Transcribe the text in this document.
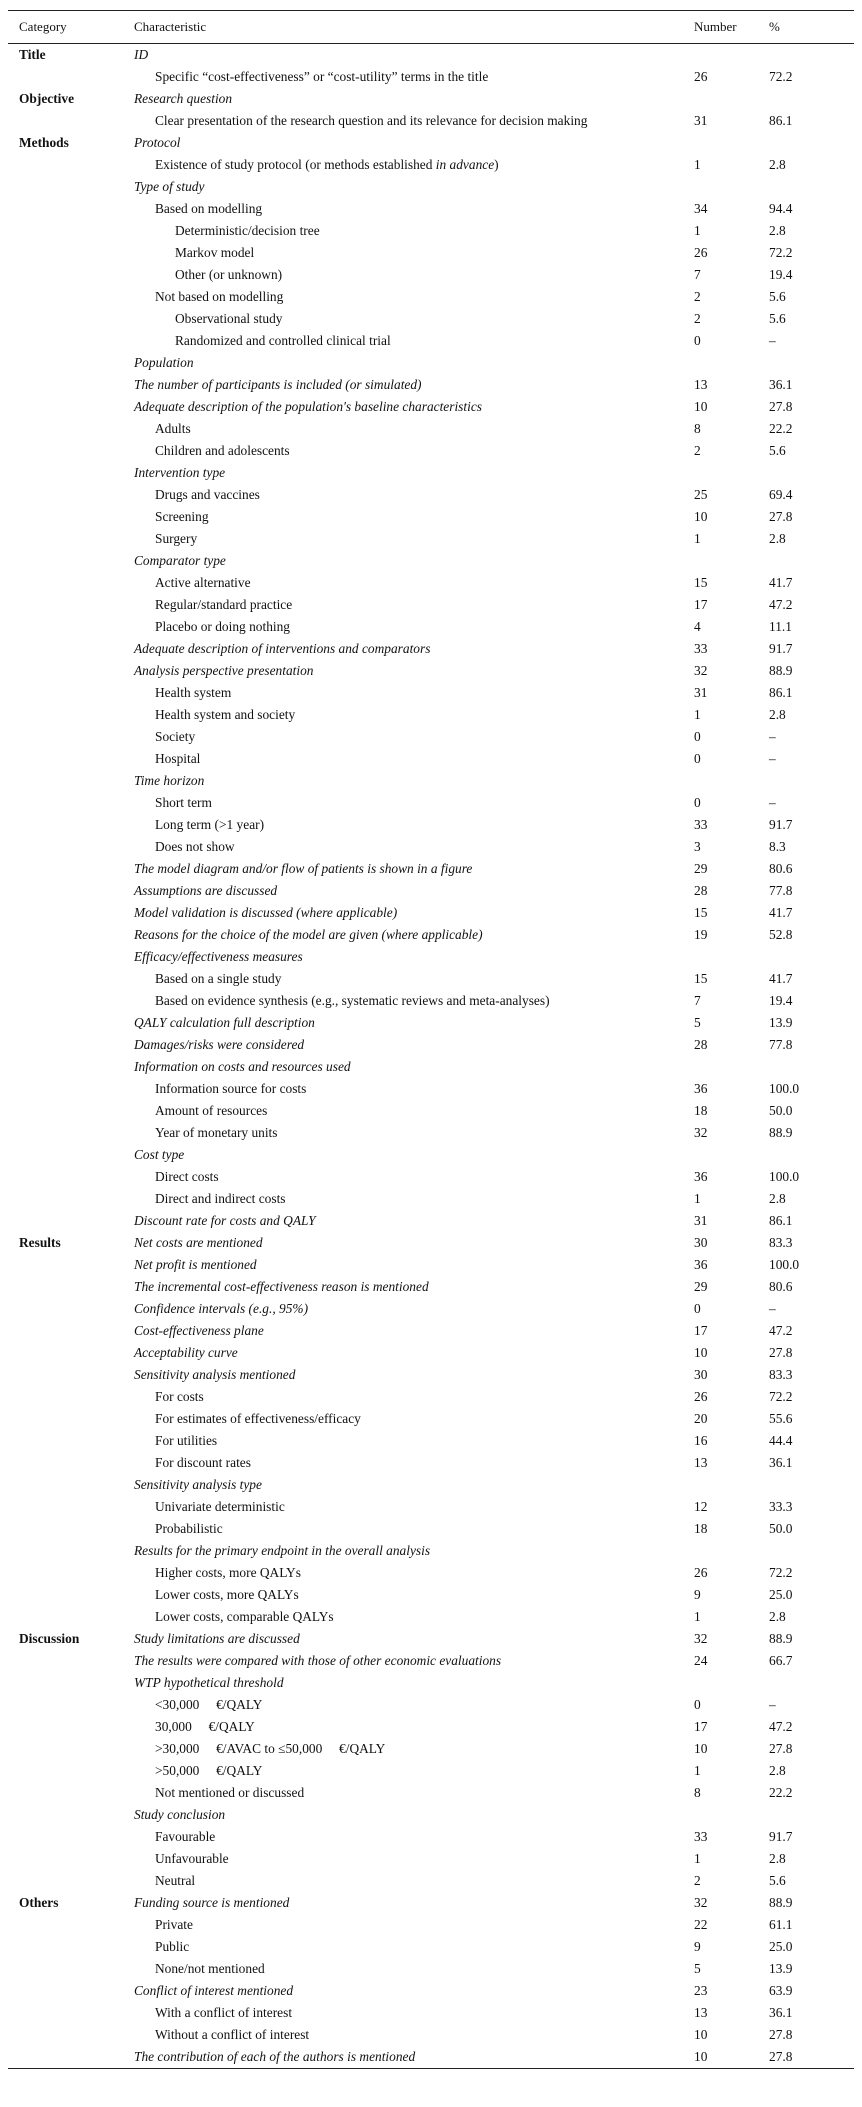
Category	Characteristic	Number	%
Title	ID		
	Specific “cost-effectiveness” or “cost-utility” terms in the title	26	72.2
Objective	Research question		
	Clear presentation of the research question and its relevance for decision making	31	86.1
Methods	Protocol		
	Existence of study protocol (or methods established in advance)	1	2.8
	Type of study		
	Based on modelling	34	94.4
	Deterministic/decision tree	1	2.8
	Markov model	26	72.2
	Other (or unknown)	7	19.4
	Not based on modelling	2	5.6
	Observational study	2	5.6
	Randomized and controlled clinical trial	0	–
	Population		
	The number of participants is included (or simulated)	13	36.1
	Adequate description of the population's baseline characteristics	10	27.8
	Adults	8	22.2
	Children and adolescents	2	5.6
	Intervention type		
	Drugs and vaccines	25	69.4
	Screening	10	27.8
	Surgery	1	2.8
	Comparator type		
	Active alternative	15	41.7
	Regular/standard practice	17	47.2
	Placebo or doing nothing	4	11.1
	Adequate description of interventions and comparators	33	91.7
	Analysis perspective presentation	32	88.9
	Health system	31	86.1
	Health system and society	1	2.8
	Society	0	–
	Hospital	0	–
	Time horizon		
	Short term	0	–
	Long term (>1 year)	33	91.7
	Does not show	3	8.3
	The model diagram and/or flow of patients is shown in a figure	29	80.6
	Assumptions are discussed	28	77.8
	Model validation is discussed (where applicable)	15	41.7
	Reasons for the choice of the model are given (where applicable)	19	52.8
	Efficacy/effectiveness measures		
	Based on a single study	15	41.7
	Based on evidence synthesis (e.g., systematic reviews and meta-analyses)	7	19.4
	QALY calculation full description	5	13.9
	Damages/risks were considered	28	77.8
	Information on costs and resources used		
	Information source for costs	36	100.0
	Amount of resources	18	50.0
	Year of monetary units	32	88.9
	Cost type		
	Direct costs	36	100.0
	Direct and indirect costs	1	2.8
	Discount rate for costs and QALY	31	86.1
Results	Net costs are mentioned	30	83.3
	Net profit is mentioned	36	100.0
	The incremental cost-effectiveness reason is mentioned	29	80.6
	Confidence intervals (e.g., 95%)	0	–
	Cost-effectiveness plane	17	47.2
	Acceptability curve	10	27.8
	Sensitivity analysis mentioned	30	83.3
	For costs	26	72.2
	For estimates of effectiveness/efficacy	20	55.6
	For utilities	16	44.4
	For discount rates	13	36.1
	Sensitivity analysis type		
	Univariate deterministic	12	33.3
	Probabilistic	18	50.0
	Results for the primary endpoint in the overall analysis		
	Higher costs, more QALYs	26	72.2
	Lower costs, more QALYs	9	25.0
	Lower costs, comparable QALYs	1	2.8
Discussion	Study limitations are discussed	32	88.9
	The results were compared with those of other economic evaluations	24	66.7
	WTP hypothetical threshold		
	<30,000     €/QALY	0	–
	30,000     €/QALY	17	47.2
	>30,000     €/AVAC to ≤50,000     €/QALY	10	27.8
	>50,000     €/QALY	1	2.8
	Not mentioned or discussed	8	22.2
	Study conclusion		
	Favourable	33	91.7
	Unfavourable	1	2.8
	Neutral	2	5.6
Others	Funding source is mentioned	32	88.9
	Private	22	61.1
	Public	9	25.0
	None/not mentioned	5	13.9
	Conflict of interest mentioned	23	63.9
	With a conflict of interest	13	36.1
	Without a conflict of interest	10	27.8
	The contribution of each of the authors is mentioned	10	27.8
